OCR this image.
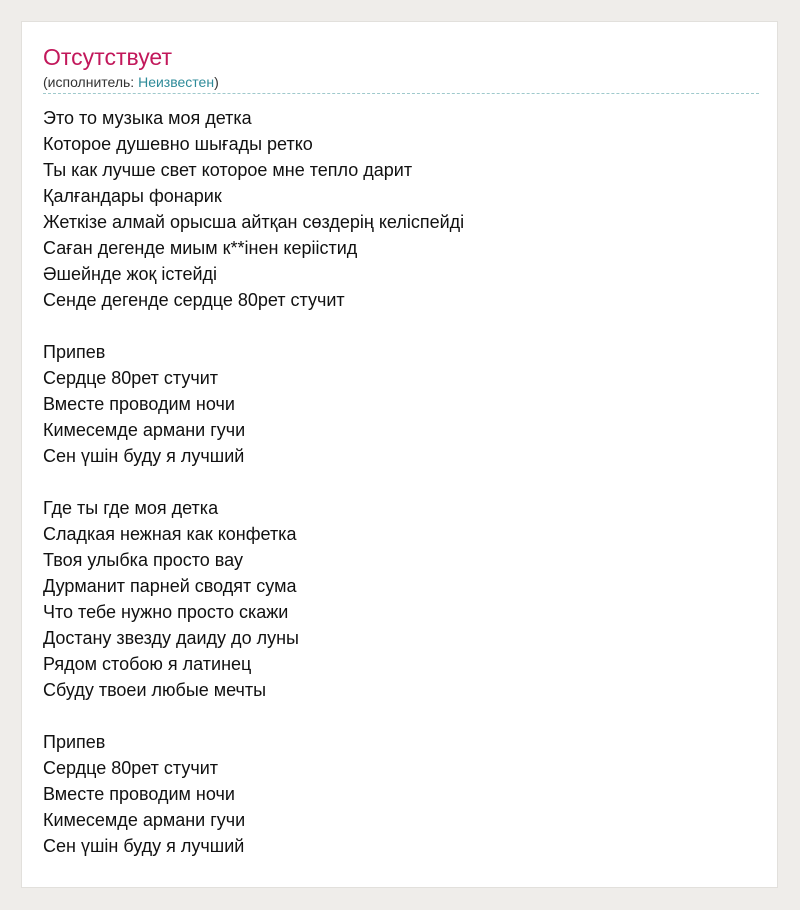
Отсутствует
(исполнитель: Неизвестен)
Это то музыка моя детка
Которое душевно шығады ретко
Ты как лучше свет которое мне тепло дарит
Қалғандары фонарик
Жеткізе алмай орысша айтқан сөздерің келіспейді
Саған дегенде миым к**інен керіістид
Әшейнде жоқ істейді
Сенде дегенде сердце 80рет стучит
Припев
Сердце 80рет стучит
Вместе проводим ночи
Кимесемде армани гучи
Сен үшін буду я лучший
Где ты где моя детка
Сладкая нежная как конфетка
Твоя улыбка просто вау
Дурманит парней сводят сума
Что тебе нужно просто скажи
Достану звезду даиду до луны
Рядом стобою я латинец
Сбуду твоеи любые мечты
Припев
Сердце 80рет стучит
Вместе проводим ночи
Кимесемде армани гучи
Сен үшін буду я лучший
